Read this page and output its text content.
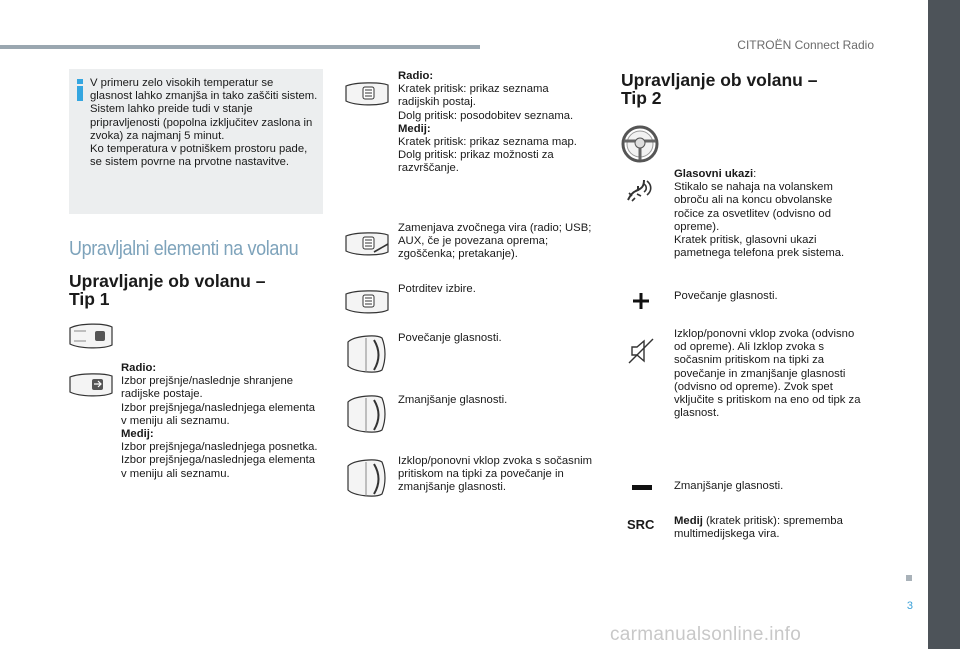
CITROËN Connect Radio
V primeru zelo visokih temperatur se glasnost lahko zmanjša in tako zaščiti sistem. Sistem lahko preide tudi v stanje pripravljenosti (popolna izključitev zaslona in zvoka) za najmanj 5 minut.
Ko temperatura v potniškem prostoru pade, se sistem povrne na prvotne nastavitve.
Upravljalni elementi na volanu
Upravljanje ob volanu –
Tip 1
Radio:
Izbor prejšnje/naslednje shranjene radijske postaje.
Izbor prejšnjega/naslednjega elementa v meniju ali seznamu.
Medij:
Izbor prejšnjega/naslednjega posnetka.
Izbor prejšnjega/naslednjega elementa v meniju ali seznamu.
Radio:
Kratek pritisk: prikaz seznama radijskih postaj.
Dolg pritisk: posodobitev seznama.
Medij:
Kratek pritisk: prikaz seznama map.
Dolg pritisk: prikaz možnosti za razvrščanje.
Zamenjava zvočnega vira (radio; USB; AUX, če je povezana oprema; zgoščenka; pretakanje).
Potrditev izbire.
Povečanje glasnosti.
Zmanjšanje glasnosti.
Izklop/ponovni vklop zvoka s sočasnim pritiskom na tipki za povečanje in zmanjšanje glasnosti.
Upravljanje ob volanu –
Tip 2
Glasovni ukazi:
Stikalo se nahaja na volanskem obroču ali na koncu obvolanske ročice za osvetlitev (odvisno od opreme).
Kratek pritisk, glasovni ukazi pametnega telefona prek sistema.
Povečanje glasnosti.
Izklop/ponovni vklop zvoka (odvisno od opreme). Ali Izklop zvoka s sočasnim pritiskom na tipki za povečanje in zmanjšanje glasnosti (odvisno od opreme). Zvok spet vključite s pritiskom na eno od tipk za glasnost.
Zmanjšanje glasnosti.
SRC Medij (kratek pritisk): sprememba multimedijskega vira.
3
carmanualsonline.info
